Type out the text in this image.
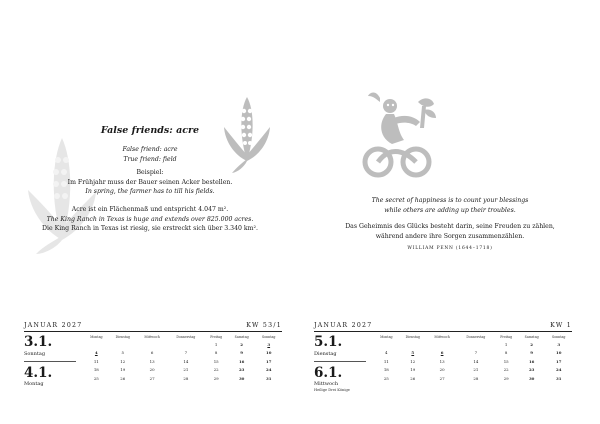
False friends: acre
False friend: acre
True friend: field
Beispiel:
Im Frühjahr muss der Bauer seinen Acker bestellen.
In spring, the farmer has to till his fields.
Acre ist ein Flächenmaß und entspricht 4.047 m².
The King Ranch in Texas is huge and extends over 825.000 acres.
Die King Ranch in Texas ist riesig, sie erstreckt sich über 3.340 km².
JANUAR 2027	KW 53/1
3.1.
Sonntag
4.1.
Montag
Montag	Dienstag	Mittwoch	Donnerstag	Freitag	Samstag	Sonntag
				1	2	3
4	5	6	7	8	9	10
11	12	13	14	15	16	17
18	19	20	21	22	23	24
25	26	27	28	29	30	31
The secret of happiness is to count your blessings
while others are adding up their troubles.
Das Geheimnis des Glücks besteht darin, seine Freuden zu zählen,
während andere ihre Sorgen zusammenzählen.
WILLIAM PENN (1644–1718)
JANUAR 2027	KW 1
5.1.
Dienstag
6.1.
Mittwoch
Heilige Drei Könige
Montag	Dienstag	Mittwoch	Donnerstag	Freitag	Samstag	Sonntag
				1	2	3
4	5	6	7	8	9	10
11	12	13	14	15	16	17
18	19	20	21	22	23	24
25	26	27	28	29	30	31
